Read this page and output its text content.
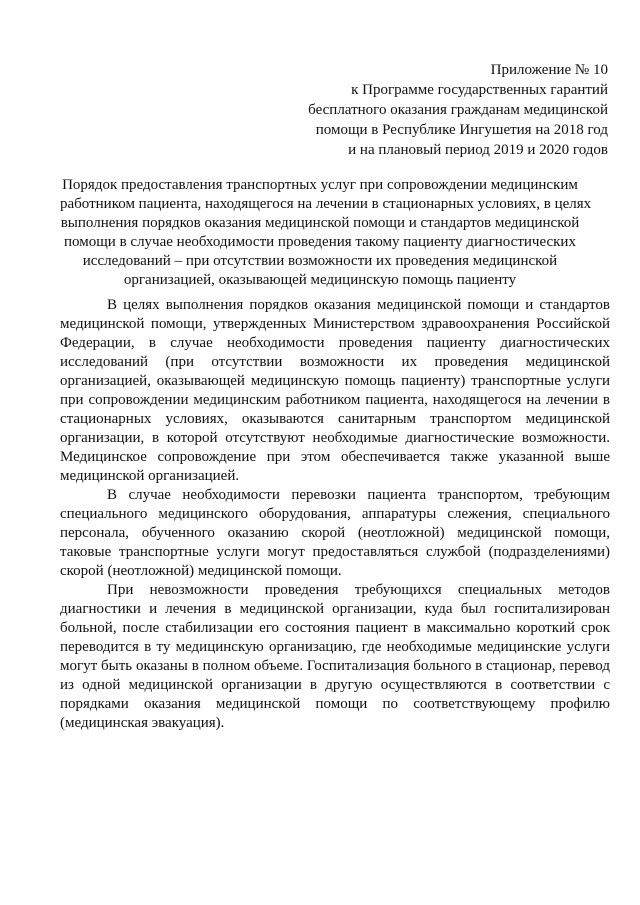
Приложение № 10
к Программе государственных гарантий
бесплатного оказания гражданам медицинской
помощи в Республике Ингушетия на 2018 год
и на плановый период 2019 и 2020 годов
Порядок предоставления транспортных услуг при сопровождении медицинским
работником пациента, находящегося на лечении в стационарных условиях, в целях
выполнения порядков оказания медицинской помощи и стандартов медицинской
помощи в случае необходимости проведения такому пациенту диагностических
исследований – при отсутствии возможности их проведения медицинской
организацией, оказывающей медицинскую помощь пациенту

В целях выполнения порядков оказания медицинской помощи и стандартов медицинской помощи, утвержденных Министерством здравоохранения Российской Федерации, в случае необходимости проведения пациенту диагностических исследований (при отсутствии возможности их проведения медицинской организацией, оказывающей медицинскую помощь пациенту) транспортные услуги при сопровождении медицинским работником пациента, находящегося на лечении в стационарных условиях, оказываются санитарным транспортом медицинской организации, в которой отсутствуют необходимые диагностические возможности. Медицинское сопровождение при этом обеспечивается также указанной выше медицинской организацией.

В случае необходимости перевозки пациента транспортом, требующим специального медицинского оборудования, аппаратуры слежения, специального персонала, обученного оказанию скорой (неотложной) медицинской помощи, таковые транспортные услуги могут предоставляться службой (подразделениями) скорой (неотложной) медицинской помощи.

При невозможности проведения требующихся специальных методов диагностики и лечения в медицинской организации, куда был госпитализирован больной, после стабилизации его состояния пациент в максимально короткий срок переводится в ту медицинскую организацию, где необходимые медицинские услуги могут быть оказаны в полном объеме. Госпитализация больного в стационар, перевод из одной медицинской организации в другую осуществляются в соответствии с порядками оказания медицинской помощи по соответствующему профилю (медицинская эвакуация).
